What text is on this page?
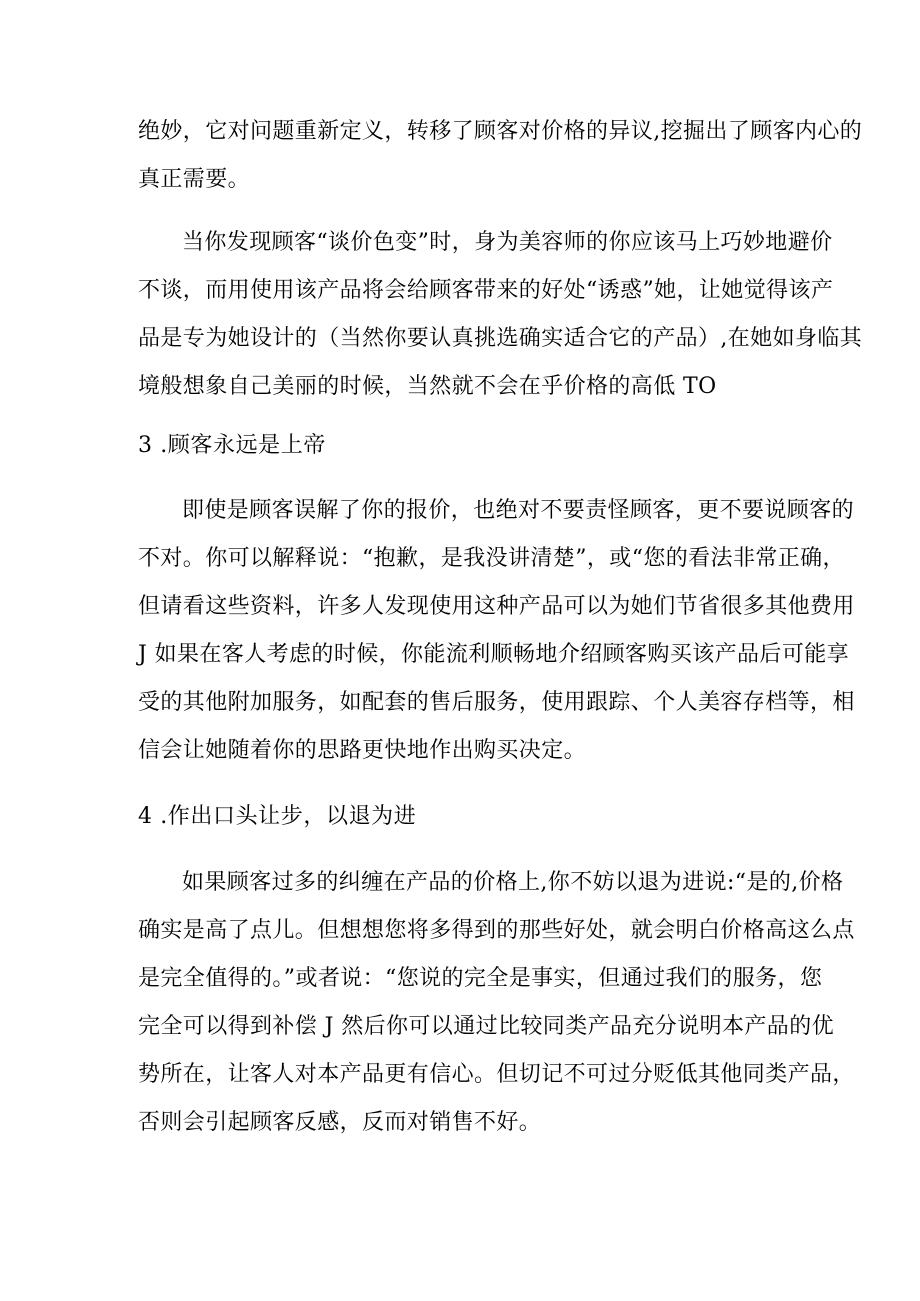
绝妙，它对问题重新定义，转移了顾客对价格的异议,挖掘出了顾客内心的
真正需要。
当你发现顾客“谈价色变”时，身为美容师的你应该马上巧妙地避价
不谈，而用使用该产品将会给顾客带来的好处“诱惑”她，让她觉得该产
品是专为她设计的（当然你要认真挑选确实适合它的产品）,在她如身临其
境般想象自己美丽的时候，当然就不会在乎价格的高低 TO
3 .顾客永远是上帝
即使是顾客误解了你的报价，也绝对不要责怪顾客，更不要说顾客的
不对。你可以解释说：“抱歉，是我没讲清楚”，或“您的看法非常正确，
但请看这些资料，许多人发现使用这种产品可以为她们节省很多其他费用
J 如果在客人考虑的时候，你能流利顺畅地介绍顾客购买该产品后可能享
受的其他附加服务，如配套的售后服务，使用跟踪、个人美容存档等，相
信会让她随着你的思路更快地作出购买决定。
4 .作出口头让步，以退为进
如果顾客过多的纠缠在产品的价格上,你不妨以退为进说:“是的,价格
确实是高了点儿。但想想您将多得到的那些好处，就会明白价格高这么点
是完全值得的。”或者说：“您说的完全是事实，但通过我们的服务，您
完全可以得到补偿 J 然后你可以通过比较同类产品充分说明本产品的优
势所在，让客人对本产品更有信心。但切记不可过分贬低其他同类产品，
否则会引起顾客反感，反而对销售不好。
